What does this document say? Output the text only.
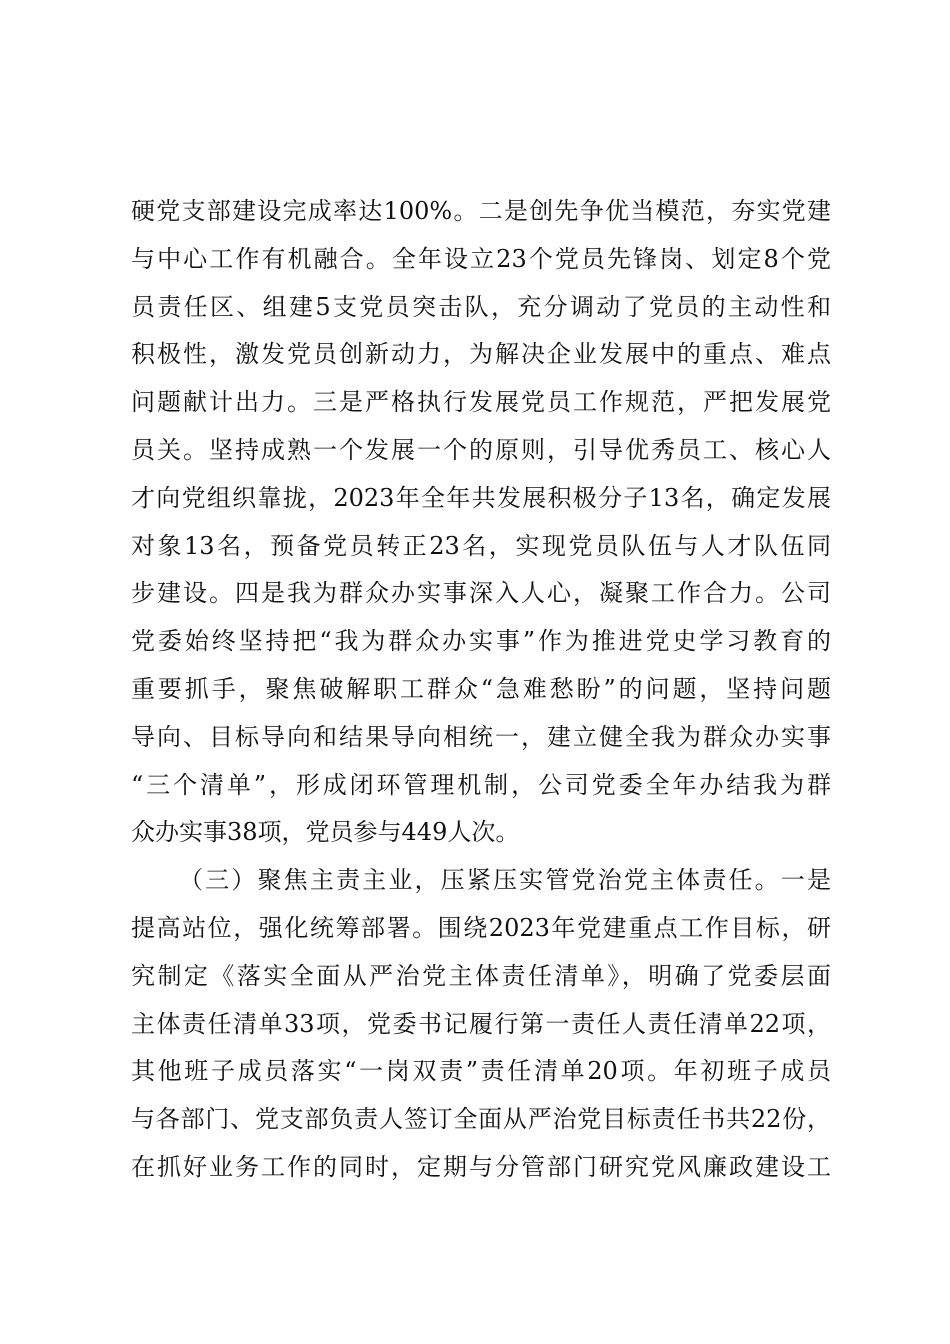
硬党支部建设完成率达100%。二是创先争优当模范，夯实党建
与中心工作有机融合。全年设立23个党员先锋岗、划定8个党
员责任区、组建5支党员突击队，充分调动了党员的主动性和
积极性，激发党员创新动力，为解决企业发展中的重点、难点
问题献计出力。三是严格执行发展党员工作规范，严把发展党
员关。坚持成熟一个发展一个的原则，引导优秀员工、核心人
才向党组织靠拢，2023年全年共发展积极分子13名，确定发展
对象13名，预备党员转正23名，实现党员队伍与人才队伍同
步建设。四是我为群众办实事深入人心，凝聚工作合力。公司
党委始终坚持把“我为群众办实事”作为推进党史学习教育的
重要抓手，聚焦破解职工群众“急难愁盼”的问题，坚持问题
导向、目标导向和结果导向相统一，建立健全我为群众办实事
“三个清单”，形成闭环管理机制，公司党委全年办结我为群
众办实事38项，党员参与449人次。
（三）聚焦主责主业，压紧压实管党治党主体责任。一是
提高站位，强化统筹部署。围绕2023年党建重点工作目标，研
究制定《落实全面从严治党主体责任清单》，明确了党委层面
主体责任清单33项，党委书记履行第一责任人责任清单22项，
其他班子成员落实“一岗双责”责任清单20项。年初班子成员
与各部门、党支部负责人签订全面从严治党目标责任书共22份，
在抓好业务工作的同时，定期与分管部门研究党风廉政建设工
